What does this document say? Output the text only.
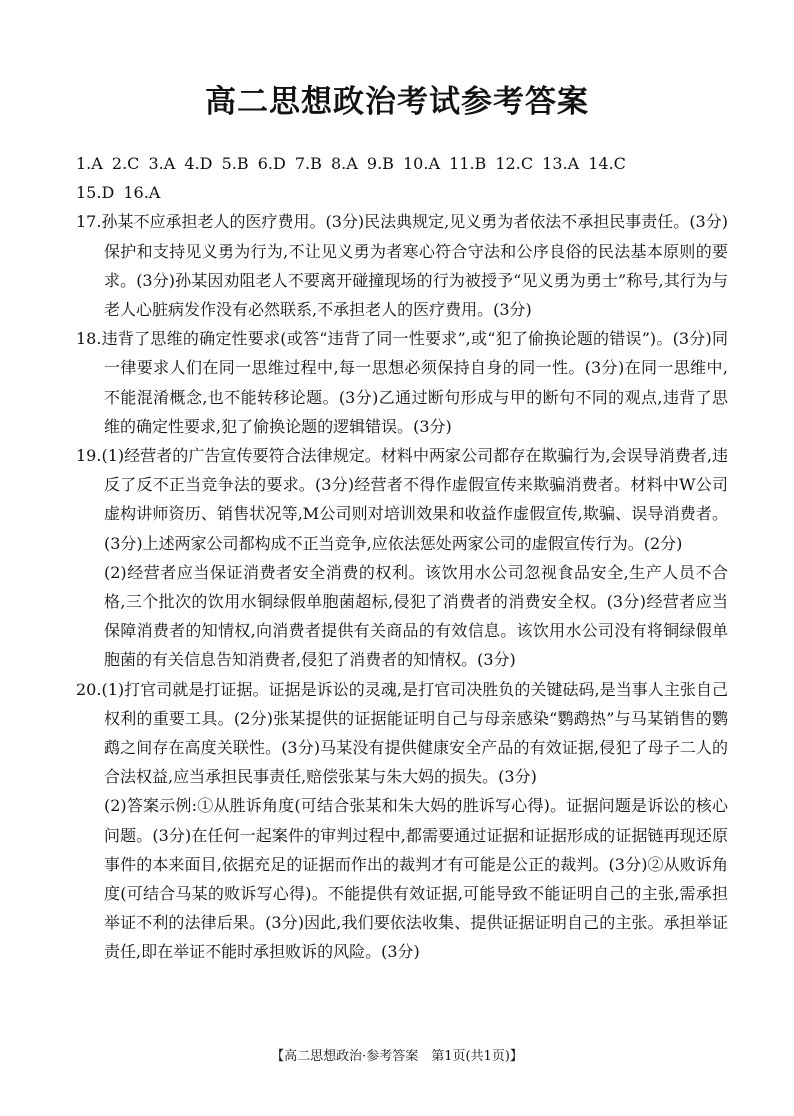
高二思想政治考试参考答案
1.A 2.C 3.A 4.D 5.B 6.D 7.B 8.A 9.B 10.A 11.B 12.C 13.A 14.C
15.D 16.A

17.孙某不应承担老人的医疗费用。(3分)民法典规定,见义勇为者依法不承担民事责任。(3分)保护和支持见义勇为行为,不让见义勇为者寒心符合守法和公序良俗的民法基本原则的要求。(3分)孙某因劝阻老人不要离开碰撞现场的行为被授予“见义勇为勇士”称号,其行为与老人心脏病发作没有必然联系,不承担老人的医疗费用。(3分)

18.违背了思维的确定性要求(或答“违背了同一性要求”,或“犯了偷换论题的错误”)。(3分)同一律要求人们在同一思维过程中,每一思想必须保持自身的同一性。(3分)在同一思维中,不能混淆概念,也不能转移论题。(3分)乙通过断句形成与甲的断句不同的观点,违背了思维的确定性要求,犯了偷换论题的逻辑错误。(3分)

19.(1)经营者的广告宣传要符合法律规定。材料中两家公司都存在欺骗行为,会误导消费者,违反了反不正当竞争法的要求。(3分)经营者不得作虚假宣传来欺骗消费者。材料中W公司虚构讲师资历、销售状况等,M公司则对培训效果和收益作虚假宣传,欺骗、误导消费者。(3分)上述两家公司都构成不正当竞争,应依法惩处两家公司的虚假宣传行为。(2分)

(2)经营者应当保证消费者安全消费的权利。该饮用水公司忽视食品安全,生产人员不合格,三个批次的饮用水铜绿假单胞菌超标,侵犯了消费者的消费安全权。(3分)经营者应当保障消费者的知情权,向消费者提供有关商品的有效信息。该饮用水公司没有将铜绿假单胞菌的有关信息告知消费者,侵犯了消费者的知情权。(3分)

20.(1)打官司就是打证据。证据是诉讼的灵魂,是打官司决胜负的关键砝码,是当事人主张自己权利的重要工具。(2分)张某提供的证据能证明自己与母亲感染“鹦鹉热”与马某销售的鹦鹉之间存在高度关联性。(3分)马某没有提供健康安全产品的有效证据,侵犯了母子二人的合法权益,应当承担民事责任,赔偿张某与朱大妈的损失。(3分)

(2)答案示例:①从胜诉角度(可结合张某和朱大妈的胜诉写心得)。证据问题是诉讼的核心问题。(3分)在任何一起案件的审判过程中,都需要通过证据和证据形成的证据链再现还原事件的本来面目,依据充足的证据而作出的裁判才有可能是公正的裁判。(3分)②从败诉角度(可结合马某的败诉写心得)。不能提供有效证据,可能导致不能证明自己的主张,需承担举证不利的法律后果。(3分)因此,我们要依法收集、提供证据证明自己的主张。承担举证责任,即在举证不能时承担败诉的风险。(3分)

【高二思想政治·参考答案　第1页(共1页)】
